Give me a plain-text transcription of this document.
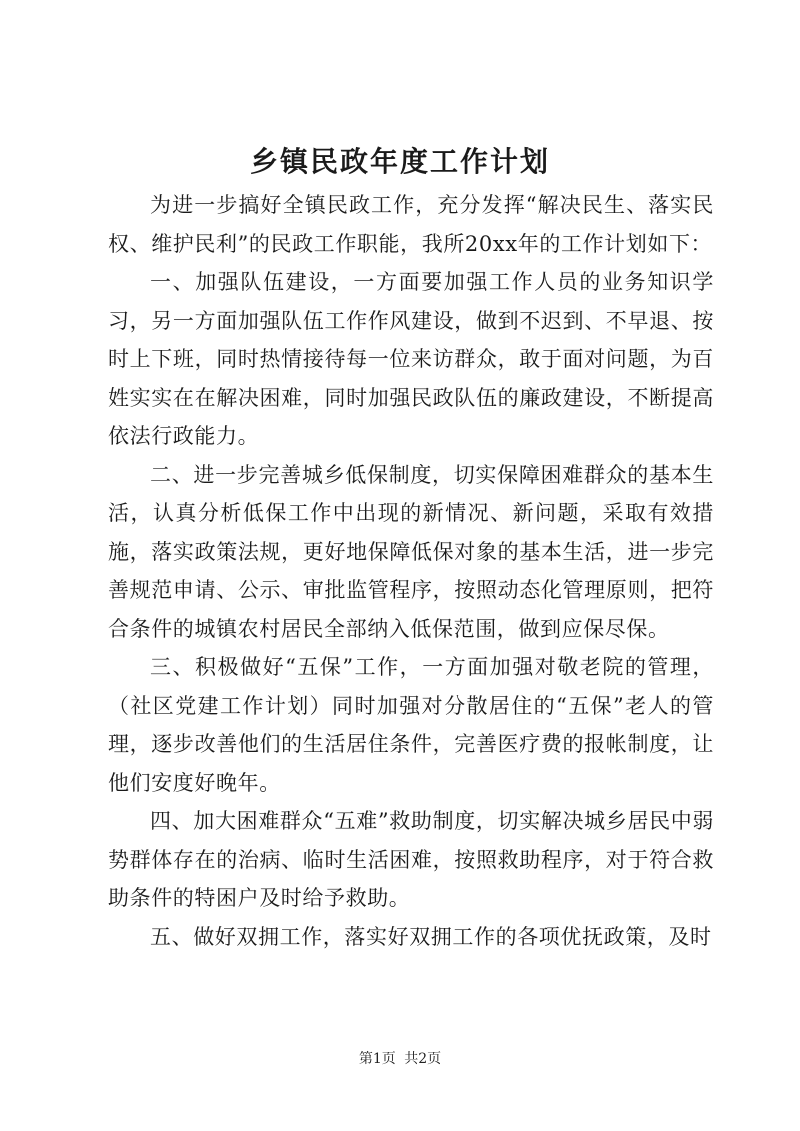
乡镇民政年度工作计划

为进一步搞好全镇民政工作，充分发挥“解决民生、落实民权、维护民利”的民政工作职能，我所20xx年的工作计划如下：

一、加强队伍建设，一方面要加强工作人员的业务知识学习，另一方面加强队伍工作作风建设，做到不迟到、不早退、按时上下班，同时热情接待每一位来访群众，敢于面对问题，为百姓实实在在解决困难，同时加强民政队伍的廉政建设，不断提高依法行政能力。

二、进一步完善城乡低保制度，切实保障困难群众的基本生活，认真分析低保工作中出现的新情况、新问题，采取有效措施，落实政策法规，更好地保障低保对象的基本生活，进一步完善规范申请、公示、审批监管程序，按照动态化管理原则，把符合条件的城镇农村居民全部纳入低保范围，做到应保尽保。

三、积极做好“五保”工作，一方面加强对敬老院的管理，（社区党建工作计划）同时加强对分散居住的“五保”老人的管理，逐步改善他们的生活居住条件，完善医疗费的报帐制度，让他们安度好晚年。

四、加大困难群众“五难”救助制度，切实解决城乡居民中弱势群体存在的治病、临时生活困难，按照救助程序，对于符合救助条件的特困户及时给予救助。

五、做好双拥工作，落实好双拥工作的各项优抚政策，及时

第1页 共2页
